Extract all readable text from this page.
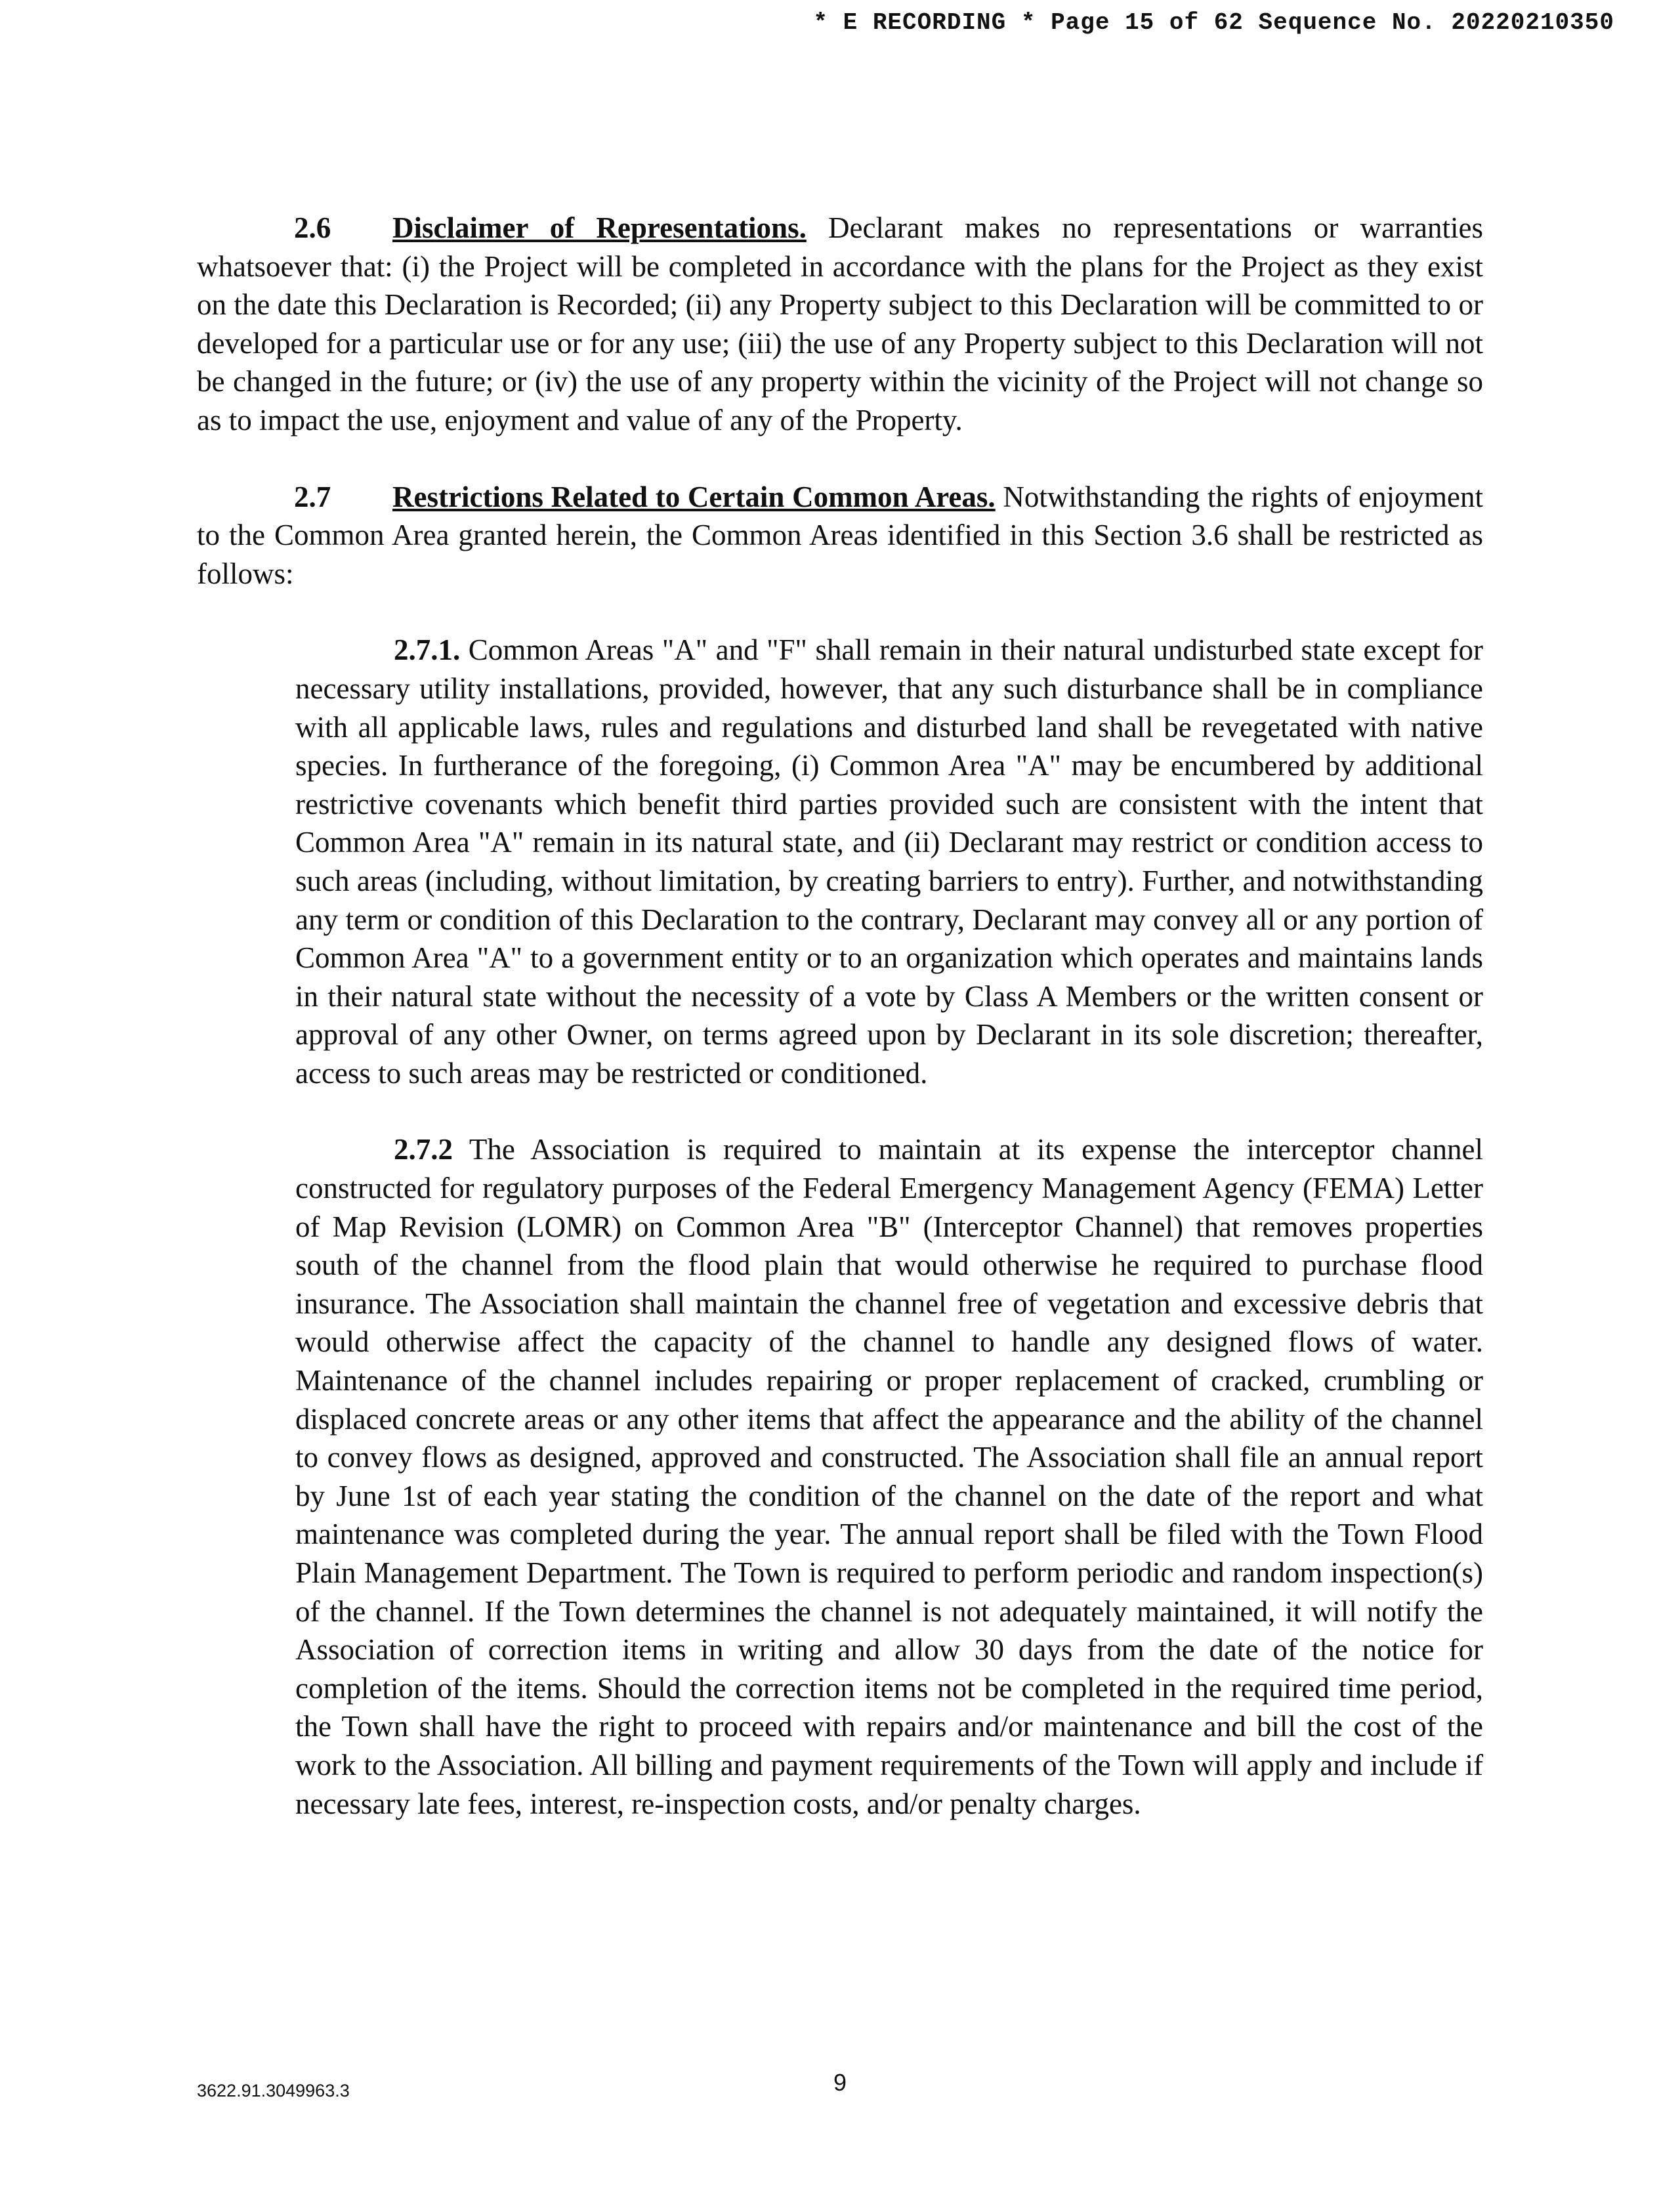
* E RECORDING * Page 15 of 62 Sequence No. 20220210350

2.6 Disclaimer of Representations. Declarant makes no representations or warranties whatsoever that: (i) the Project will be completed in accordance with the plans for the Project as they exist on the date this Declaration is Recorded; (ii) any Property subject to this Declaration will be committed to or developed for a particular use or for any use; (iii) the use of any Property subject to this Declaration will not be changed in the future; or (iv) the use of any property within the vicinity of the Project will not change so as to impact the use, enjoyment and value of any of the Property.

2.7 Restrictions Related to Certain Common Areas. Notwithstanding the rights of enjoyment to the Common Area granted herein, the Common Areas identified in this Section 3.6 shall be restricted as follows:

2.7.1. Common Areas "A" and "F" shall remain in their natural undisturbed state except for necessary utility installations, provided, however, that any such disturbance shall be in compliance with all applicable laws, rules and regulations and disturbed land shall be revegetated with native species. In furtherance of the foregoing, (i) Common Area "A" may be encumbered by additional restrictive covenants which benefit third parties provided such are consistent with the intent that Common Area "A" remain in its natural state, and (ii) Declarant may restrict or condition access to such areas (including, without limitation, by creating barriers to entry). Further, and notwithstanding any term or condition of this Declaration to the contrary, Declarant may convey all or any portion of Common Area "A" to a government entity or to an organization which operates and maintains lands in their natural state without the necessity of a vote by Class A Members or the written consent or approval of any other Owner, on terms agreed upon by Declarant in its sole discretion; thereafter, access to such areas may be restricted or conditioned.

2.7.2 The Association is required to maintain at its expense the interceptor channel constructed for regulatory purposes of the Federal Emergency Management Agency (FEMA) Letter of Map Revision (LOMR) on Common Area "B" (Interceptor Channel) that removes properties south of the channel from the flood plain that would otherwise he required to purchase flood insurance. The Association shall maintain the channel free of vegetation and excessive debris that would otherwise affect the capacity of the channel to handle any designed flows of water. Maintenance of the channel includes repairing or proper replacement of cracked, crumbling or displaced concrete areas or any other items that affect the appearance and the ability of the channel to convey flows as designed, approved and constructed. The Association shall file an annual report by June 1st of each year stating the condition of the channel on the date of the report and what maintenance was completed during the year. The annual report shall be filed with the Town Flood Plain Management Department. The Town is required to perform periodic and random inspection(s) of the channel. If the Town determines the channel is not adequately maintained, it will notify the Association of correction items in writing and allow 30 days from the date of the notice for completion of the items. Should the correction items not be completed in the required time period, the Town shall have the right to proceed with repairs and/or maintenance and bill the cost of the work to the Association. All billing and payment requirements of the Town will apply and include if necessary late fees, interest, re-inspection costs, and/or penalty charges.

3622.91.3049963.3	9
